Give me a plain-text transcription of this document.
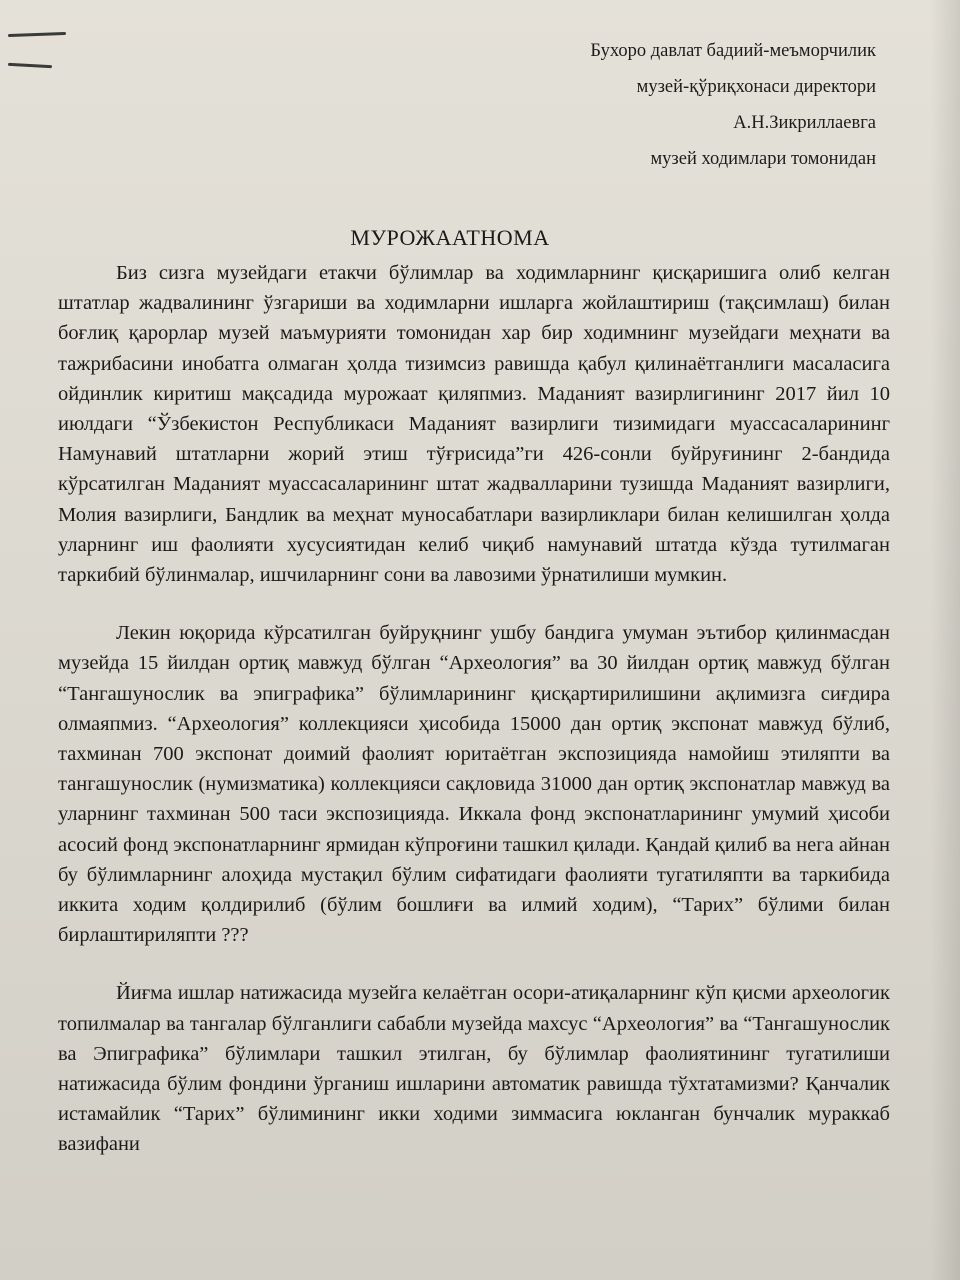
Бухоро давлат бадиий-меъморчилик
музей-қўриқхонаси директори
А.Н.Зикриллаевга
музей ходимлари томонидан
МУРОЖААТНОМА

Биз сизга музейдаги етакчи бўлимлар ва ходимларнинг қисқаришига олиб келган штатлар жадвалининг ўзгариши ва ходимларни ишларга жойлаштириш (тақсимлаш) билан боғлиқ қарорлар музей маъмурияти томонидан хар бир ходимнинг музейдаги меҳнати ва тажрибасини инобатга олмаган ҳолда тизимсиз равишда қабул қилинаётганлиги масаласига ойдинлик киритиш мақсадида мурожаат қиляпмиз. Маданият вазирлигининг 2017 йил 10 июлдаги “Ўзбекистон Республикаси Маданият вазирлиги тизимидаги муассасаларининг Намунавий штатларни жорий этиш тўғрисида”ги 426-сонли буйруғининг 2-бандида кўрсатилган Маданият муассасаларининг штат жадвалларини тузишда Маданият вазирлиги, Молия вазирлиги, Бандлик ва меҳнат муносабатлари вазирликлари билан келишилган ҳолда уларнинг иш фаолияти хусусиятидан келиб чиқиб намунавий штатда кўзда тутилмаган таркибий бўлинмалар, ишчиларнинг сони ва лавозими ўрнатилиши мумкин.

Лекин юқорида кўрсатилган буйруқнинг ушбу бандига умуман эътибор қилинмасдан музейда 15 йилдан ортиқ мавжуд бўлган “Археология” ва 30 йилдан ортиқ мавжуд бўлган “Тангашунослик ва эпиграфика” бўлимларининг қисқартирилишини ақлимизга сиғдира олмаяпмиз. “Археология” коллекцияси ҳисобида 15000 дан ортиқ экспонат мавжуд бўлиб, тахминан 700 экспонат доимий фаолият юритаётган экспозицияда намойиш этиляпти ва тангашунослик (нумизматика) коллекцияси сақловида 31000 дан ортиқ экспонатлар мавжуд ва уларнинг тахминан 500 таси экспозицияда. Иккала фонд экспонатларининг умумий ҳисоби асосий фонд экспонатларнинг ярмидан кўпроғини ташкил қилади. Қандай қилиб ва нега айнан бу бўлимларнинг алоҳида мустақил бўлим сифатидаги фаолияти тугатиляпти ва таркибида иккита ходим қолдирилиб (бўлим бошлиғи ва илмий ходим), “Тарих” бўлими билан бирлаштириляпти ???

Йиғма ишлар натижасида музейга келаётган осори-атиқаларнинг кўп қисми археологик топилмалар ва тангалар бўлганлиги сабабли музейда махсус “Археология” ва “Тангашунослик ва Эпиграфика” бўлимлари ташкил этилган, бу бўлимлар фаолиятининг тугатилиши натижасида бўлим фондини ўрганиш ишларини автоматик равишда тўхтатамизми? Қанчалик истамайлик “Тарих” бўлимининг икки ходими зиммасига юкланган бунчалик мураккаб вазифани
